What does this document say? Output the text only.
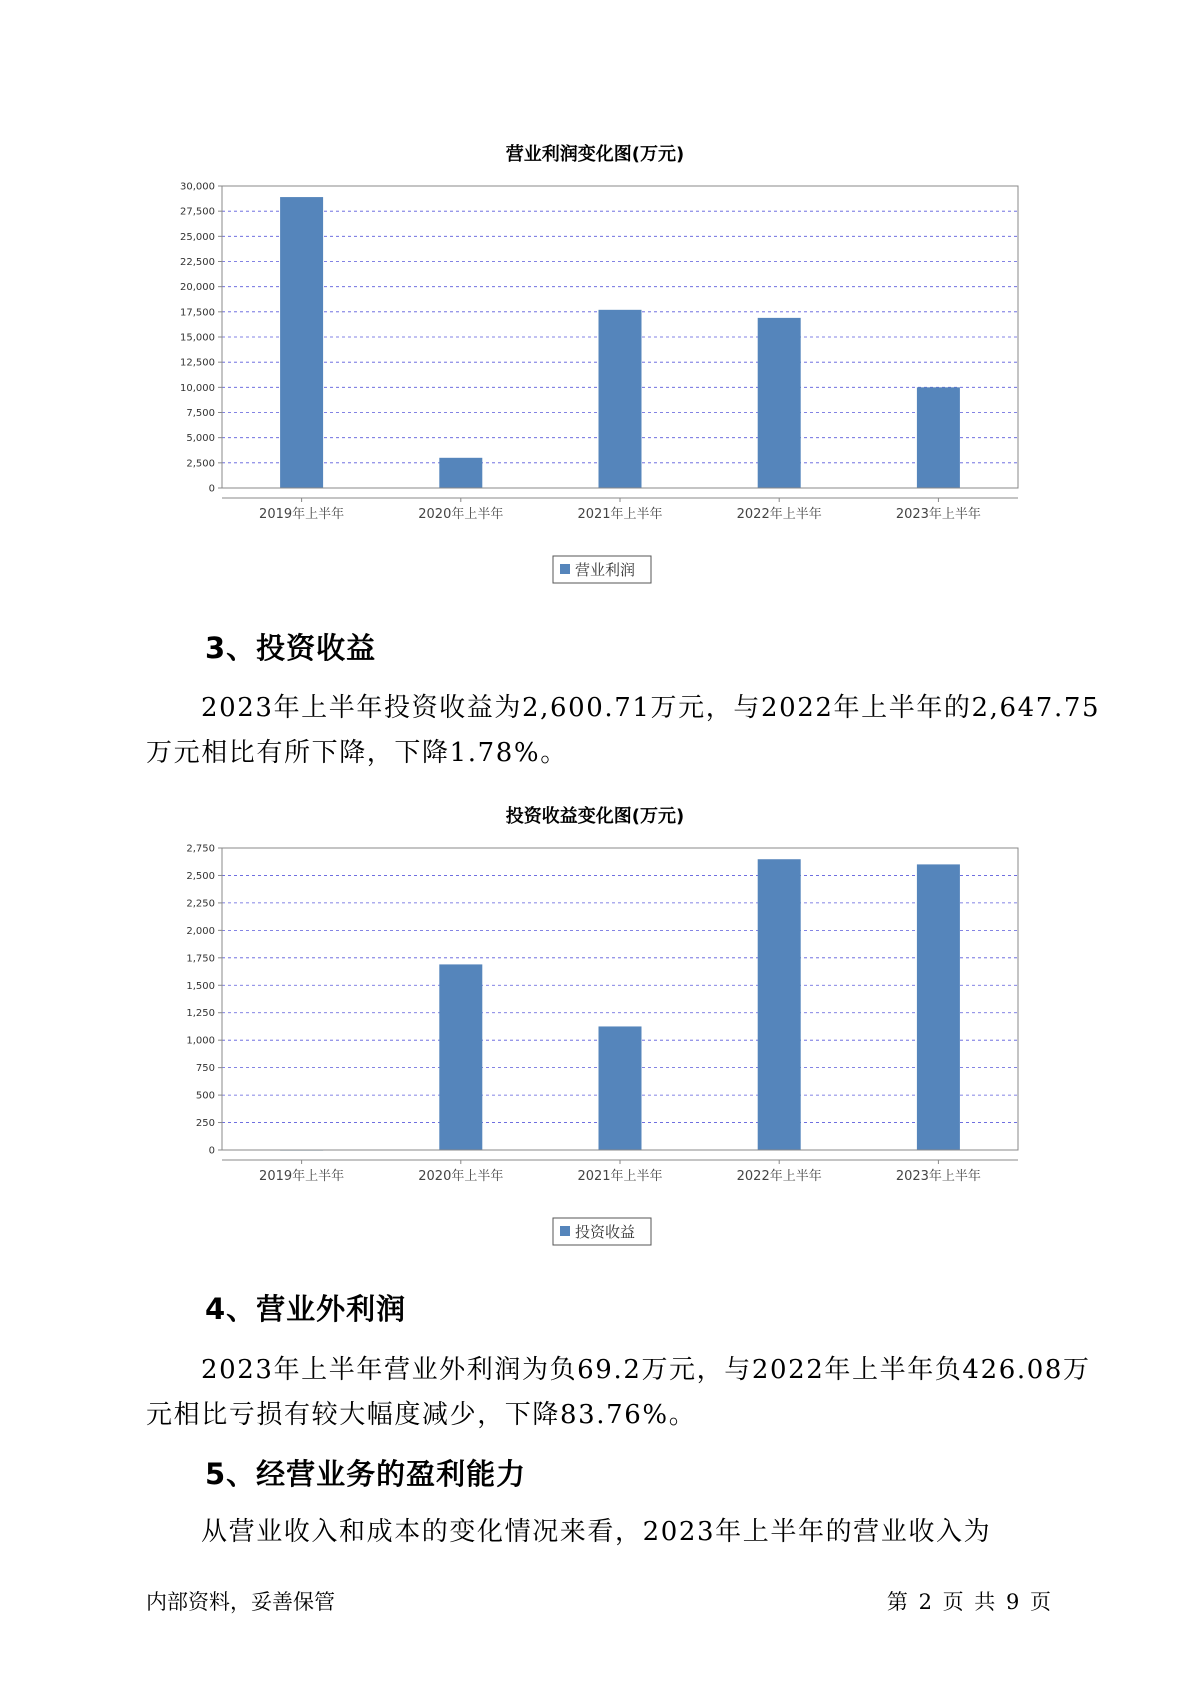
营业利润变化图(万元)
0
2,500
5,000
7,500
10,000
12,500
15,000
17,500
20,000
22,500
25,000
27,500
30,000
2019年上半年	2020年上半年	2021年上半年	2022年上半年	2023年上半年
营业利润
3、投资收益
2023年上半年投资收益为2,600.71万元，与2022年上半年的2,647.75
万元相比有所下降，下降1.78%。
投资收益变化图(万元)
0
250
500
750
1,000
1,250
1,500
1,750
2,000
2,250
2,500
2,750
2019年上半年	2020年上半年	2021年上半年	2022年上半年	2023年上半年
投资收益
4、营业外利润
2023年上半年营业外利润为负69.2万元，与2022年上半年负426.08万
元相比亏损有较大幅度减少，下降83.76%。
5、经营业务的盈利能力
从营业收入和成本的变化情况来看，2023年上半年的营业收入为
内部资料，妥善保管	第 2 页 共 9 页
